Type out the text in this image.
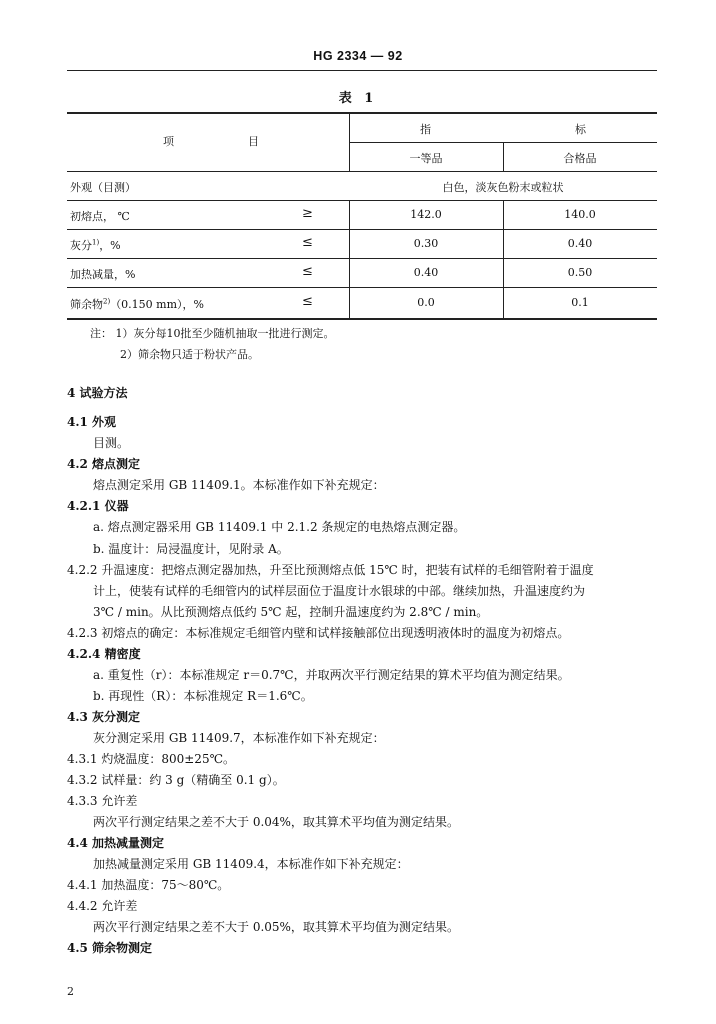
HG 2334 — 92
表 1
项	目
指	标
一等品	合格品
外观（目测）	白色，淡灰色粉末或粒状
初熔点， ℃	≥	142.0	140.0
灰分$^{1)}$，%	≤	0.30	0.40
加热减量，%	≤	0.40	0.50
筛余物$^{2)}$（0.150 mm），%	≤	0.0	0.1
注： 1）灰分每10批至少随机抽取一批进行测定。
2）筛余物只适于粉状产品。
4 试验方法
4.1 外观
目测。
4.2 熔点测定
熔点测定采用 GB 11409.1。本标准作如下补充规定：
4.2.1 仪器
a. 熔点测定器采用 GB 11409.1 中 2.1.2 条规定的电热熔点测定器。
b. 温度计：局浸温度计，见附录 A。
4.2.2 升温速度：把熔点测定器加热，升至比预测熔点低 15℃ 时，把装有试样的毛细管附着于温度
计上，使装有试样的毛细管内的试样层面位于温度计水银球的中部。继续加热，升温速度约为
3℃ / min。从比预测熔点低约 5℃ 起，控制升温速度约为 2.8℃ / min。
4.2.3 初熔点的确定：本标准规定毛细管内壁和试样接触部位出现透明液体时的温度为初熔点。
4.2.4 精密度
a. 重复性（r）：本标准规定 r＝0.7℃，并取两次平行测定结果的算术平均值为测定结果。
b. 再现性（R）：本标准规定 R＝1.6℃。
4.3 灰分测定
灰分测定采用 GB 11409.7，本标准作如下补充规定：
4.3.1 灼烧温度：800±25℃。
4.3.2 试样量：约 3 g（精确至 0.1 g）。
4.3.3 允许差
两次平行测定结果之差不大于 0.04%，取其算术平均值为测定结果。
4.4 加热减量测定
加热减量测定采用 GB 11409.4，本标准作如下补充规定：
4.4.1 加热温度：75～80℃。
4.4.2 允许差
两次平行测定结果之差不大于 0.05%，取其算术平均值为测定结果。
4.5 筛余物测定
2
